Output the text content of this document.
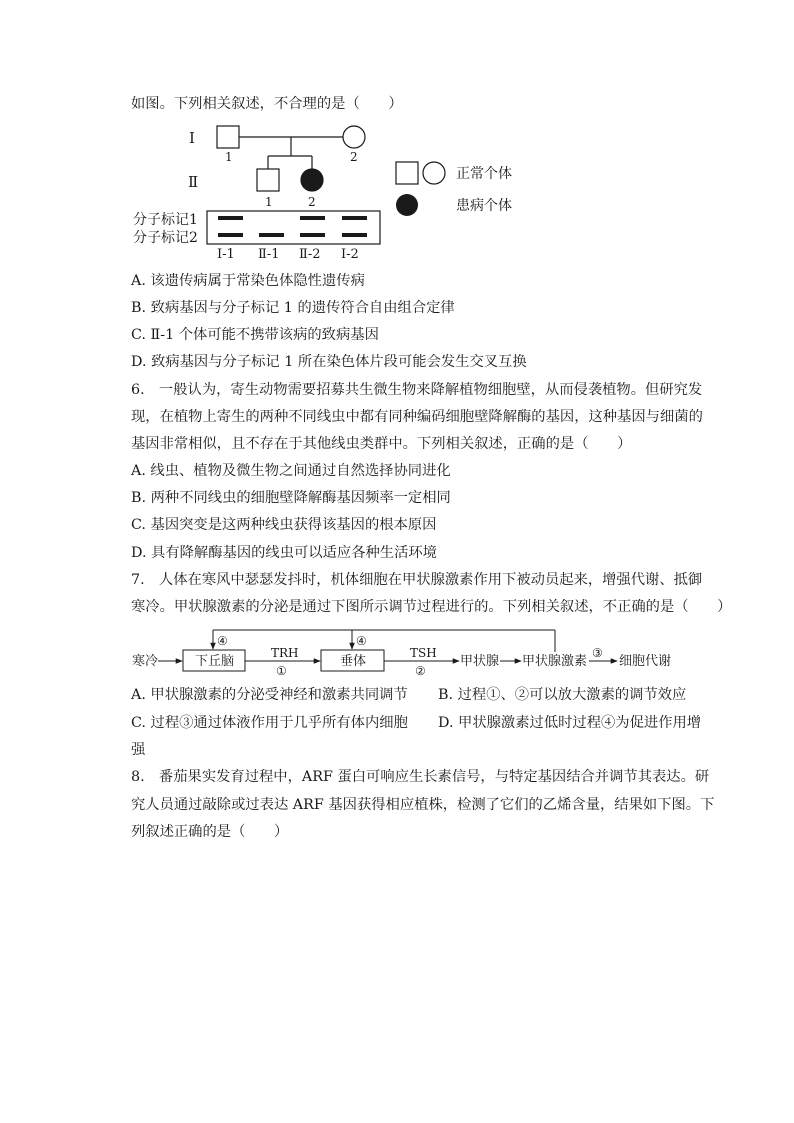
如图。下列相关叙述，不合理的是（　　）
Ⅰ
Ⅱ
1	2
1	2
正常个体
患病个体
分子标记1
分子标记2
Ⅰ-1 Ⅱ-1 Ⅱ-2 Ⅰ-2
A. 该遗传病属于常染色体隐性遗传病
B. 致病基因与分子标记 1 的遗传符合自由组合定律
C. Ⅱ-1 个体可能不携带该病的致病基因
D. 致病基因与分子标记 1 所在染色体片段可能会发生交叉互换
6.　一般认为，寄生动物需要招募共生微生物来降解植物细胞壁，从而侵袭植物。但研究发
现，在植物上寄生的两种不同线虫中都有同种编码细胞壁降解酶的基因，这种基因与细菌的
基因非常相似，且不存在于其他线虫类群中。下列相关叙述，正确的是（　　）
A. 线虫、植物及微生物之间通过自然选择协同进化
B. 两种不同线虫的细胞壁降解酶基因频率一定相同
C. 基因突变是这两种线虫获得该基因的根本原因
D. 具有降解酶基因的线虫可以适应各种生活环境
7.　人体在寒风中瑟瑟发抖时，机体细胞在甲状腺激素作用下被动员起来，增强代谢、抵御
寒冷。甲状腺激素的分泌是通过下图所示调节过程进行的。下列相关叙述，不正确的是（　　）
寒冷	下丘脑
TRH
①
垂体
TSH
②
甲状腺 甲状腺激素
③
细胞代谢
④	④
A. 甲状腺激素的分泌受神经和激素共同调节	B. 过程①、②可以放大激素的调节效应
C. 过程③通过体液作用于几乎所有体内细胞	D. 甲状腺激素过低时过程④为促进作用增
强
8.　番茄果实发育过程中，ARF 蛋白可响应生长素信号，与特定基因结合并调节其表达。研
究人员通过敲除或过表达 ARF 基因获得相应植株，检测了它们的乙烯含量，结果如下图。下
列叙述正确的是（　　）
